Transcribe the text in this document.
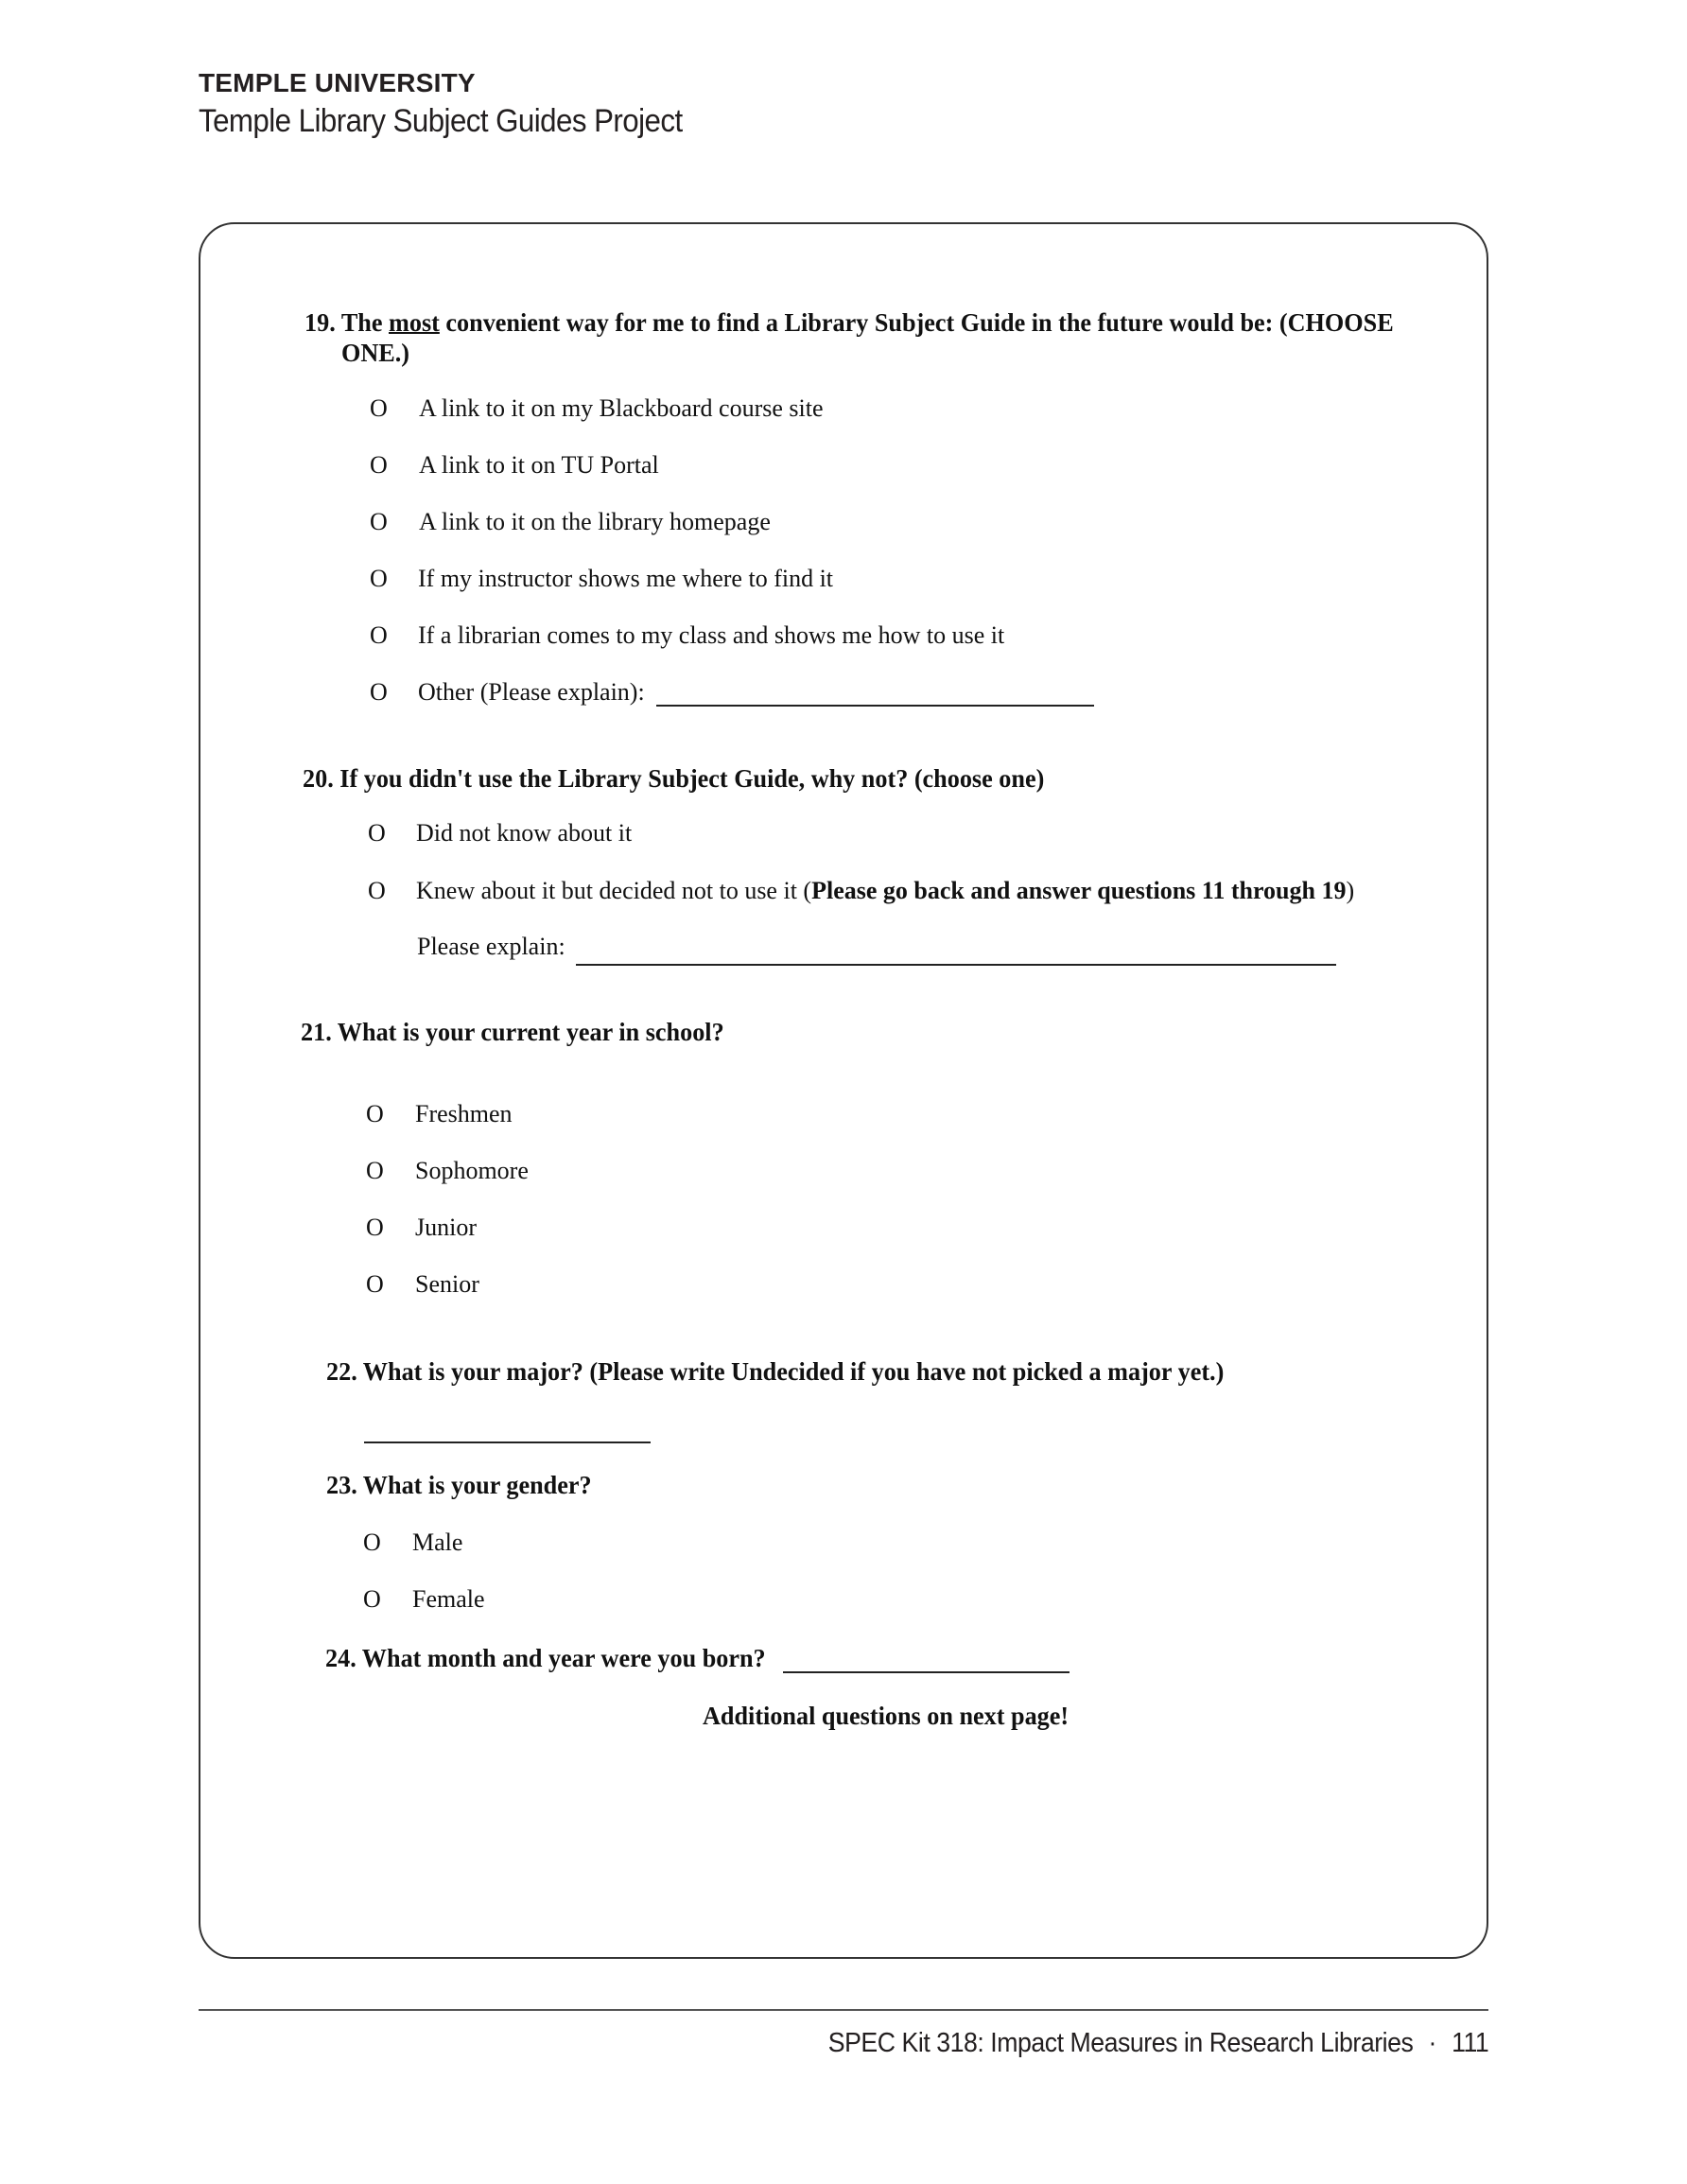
TEMPLE UNIVERSITY
Temple Library Subject Guides Project
19. The most convenient way for me to find a Library Subject Guide in the future would be: (CHOOSE
ONE.)
O A link to it on my Blackboard course site
O A link to it on TU Portal
O A link to it on the library homepage
O If my instructor shows me where to find it
O If a librarian comes to my class and shows me how to use it
O Other (Please explain):
20. If you didn't use the Library Subject Guide, why not? (choose one)
O Did not know about it
O Knew about it but decided not to use it (Please go back and answer questions 11 through 19)
Please explain:
21. What is your current year in school?
O Freshmen
O Sophomore
O Junior
O Senior
22. What is your major? (Please write Undecided if you have not picked a major yet.)
23. What is your gender?
O Male
O Female
24. What month and year were you born?
Additional questions on next page!
SPEC Kit 318: Impact Measures in Research Libraries · 111
